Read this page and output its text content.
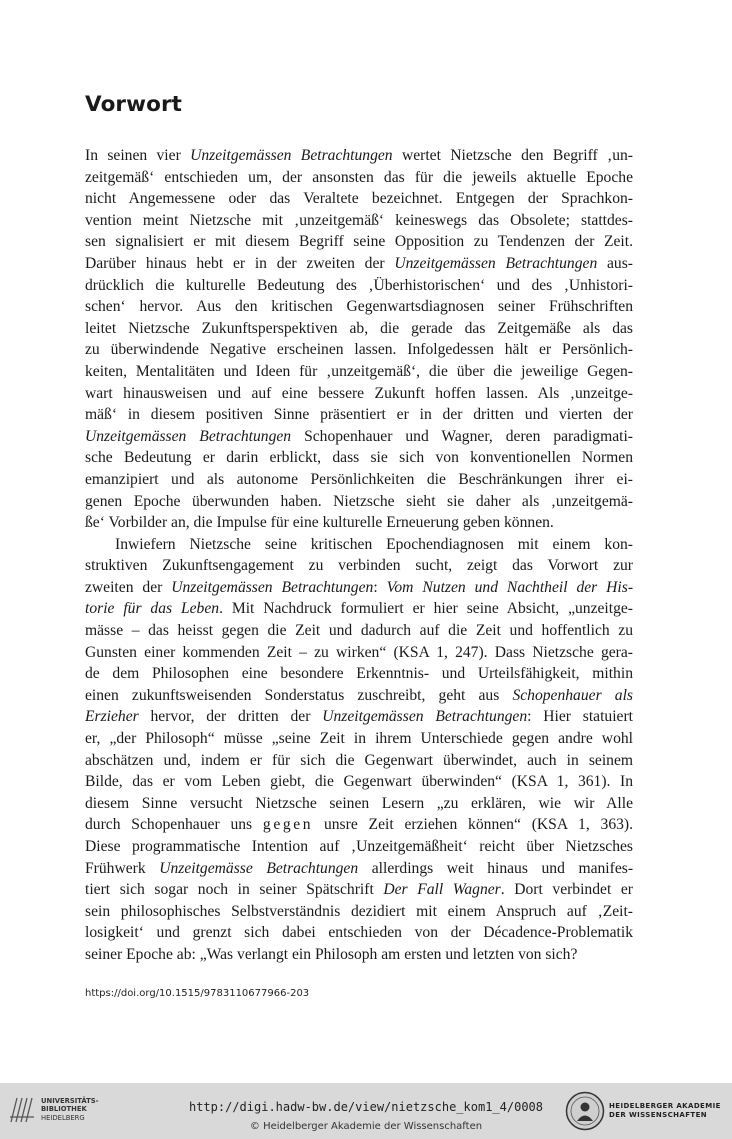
Vorwort
In seinen vier Unzeitgemässen Betrachtungen wertet Nietzsche den Begriff ‚un-
zeitgemäß‘ entschieden um, der ansonsten das für die jeweils aktuelle Epoche
nicht Angemessene oder das Veraltete bezeichnet. Entgegen der Sprachkon-
vention meint Nietzsche mit ‚unzeitgemäß‘ keineswegs das Obsolete; stattdes-
sen signalisiert er mit diesem Begriff seine Opposition zu Tendenzen der Zeit.
Darüber hinaus hebt er in der zweiten der Unzeitgemässen Betrachtungen aus-
drücklich die kulturelle Bedeutung des ‚Überhistorischen‘ und des ‚Unhistori-
schen‘ hervor. Aus den kritischen Gegenwartsdiagnosen seiner Frühschriften
leitet Nietzsche Zukunftsperspektiven ab, die gerade das Zeitgemäße als das
zu überwindende Negative erscheinen lassen. Infolgedessen hält er Persönlich-
keiten, Mentalitäten und Ideen für ‚unzeitgemäß‘, die über die jeweilige Gegen-
wart hinausweisen und auf eine bessere Zukunft hoffen lassen. Als ‚unzeitge-
mäß‘ in diesem positiven Sinne präsentiert er in der dritten und vierten der
Unzeitgemässen Betrachtungen Schopenhauer und Wagner, deren paradigmati-
sche Bedeutung er darin erblickt, dass sie sich von konventionellen Normen
emanzipiert und als autonome Persönlichkeiten die Beschränkungen ihrer ei-
genen Epoche überwunden haben. Nietzsche sieht sie daher als ‚unzeitgemä-
ße‘ Vorbilder an, die Impulse für eine kulturelle Erneuerung geben können.
Inwiefern Nietzsche seine kritischen Epochendiagnosen mit einem kon-
struktiven Zukunftsengagement zu verbinden sucht, zeigt das Vorwort zur
zweiten der Unzeitgemässen Betrachtungen: Vom Nutzen und Nachtheil der His-
torie für das Leben. Mit Nachdruck formuliert er hier seine Absicht, „unzeitge-
mässe – das heisst gegen die Zeit und dadurch auf die Zeit und hoffentlich zu
Gunsten einer kommenden Zeit – zu wirken“ (KSA 1, 247). Dass Nietzsche gera-
de dem Philosophen eine besondere Erkenntnis- und Urteilsfähigkeit, mithin
einen zukunftsweisenden Sonderstatus zuschreibt, geht aus Schopenhauer als
Erzieher hervor, der dritten der Unzeitgemässen Betrachtungen: Hier statuiert
er, „der Philosoph“ müsse „seine Zeit in ihrem Unterschiede gegen andre wohl
abschätzen und, indem er für sich die Gegenwart überwindet, auch in seinem
Bilde, das er vom Leben giebt, die Gegenwart überwinden“ (KSA 1, 361). In
diesem Sinne versucht Nietzsche seinen Lesern „zu erklären, wie wir Alle
durch Schopenhauer uns gegen unsre Zeit erziehen können“ (KSA 1, 363).
Diese programmatische Intention auf ‚Unzeitgemäßheit‘ reicht über Nietzsches
Frühwerk Unzeitgemässe Betrachtungen allerdings weit hinaus und manifes-
tiert sich sogar noch in seiner Spätschrift Der Fall Wagner. Dort verbindet er
sein philosophisches Selbstverständnis dezidiert mit einem Anspruch auf ‚Zeit-
losigkeit‘ und grenzt sich dabei entschieden von der Décadence-Problematik
seiner Epoche ab: „Was verlangt ein Philosoph am ersten und letzten von sich?
https://doi.org/10.1515/9783110677966-203
UNIVERSITÄTS-
BIBLIOTHEK
HEIDELBERG
http://digi.hadw-bw.de/view/nietzsche_kom1_4/0008
© Heidelberger Akademie der Wissenschaften
HEIDELBERGER AKADEMIE
DER WISSENSCHAFTEN
